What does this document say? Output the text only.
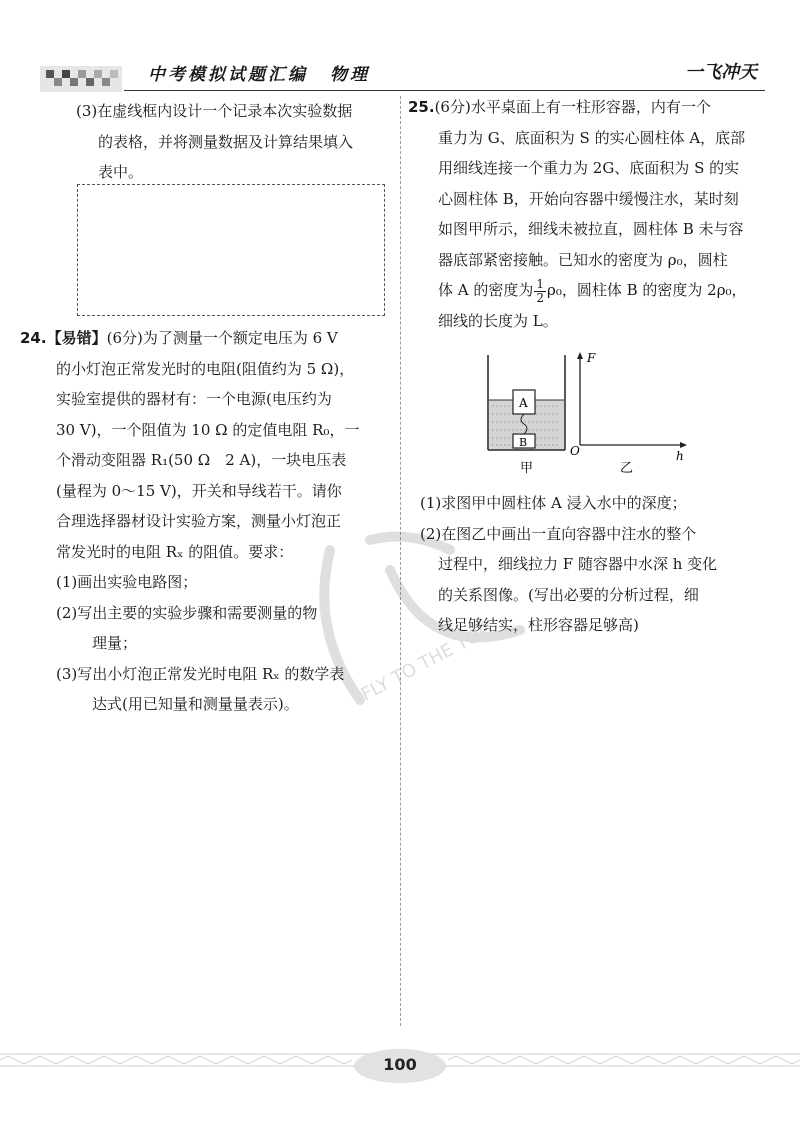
中考模拟试题汇编 物理	一飞冲天

(3)在虚线框内设计一个记录本次实验数据

的表格，并将测量数据及计算结果填入

表中。

24.【易错】(6分)为了测量一个额定电压为 6 V

的小灯泡正常发光时的电阻(阻值约为 5 Ω)，

实验室提供的器材有：一个电源(电压约为

30 V)，一个阻值为 10 Ω 的定值电阻 R₀，一

个滑动变阻器 R₁(50 Ω　2 A)，一块电压表

(量程为 0～15 V)，开关和导线若干。请你

合理选择器材设计实验方案，测量小灯泡正

常发光时的电阻 Rₓ 的阻值。要求：

(1)画出实验电路图；

(2)写出主要的实验步骤和需要测量的物

理量；

(3)写出小灯泡正常发光时电阻 Rₓ 的数学表

达式(用已知量和测量量表示)。

25.(6分)水平桌面上有一柱形容器，内有一个

重力为 G、底面积为 S 的实心圆柱体 A，底部

用细线连接一个重力为 2G、底面积为 S 的实

心圆柱体 B，开始向容器中缓慢注水，某时刻

如图甲所示，细线未被拉直，圆柱体 B 未与容

器底部紧密接触。已知水的密度为 ρ₀，圆柱

体 A 的密度为 $\frac{1}{2} \rho_0$，圆柱体 B 的密度为 2ρ₀，

细线的长度为 L。

A
B
甲
F
h
O
乙

(1)求图甲中圆柱体 A 浸入水中的深度；

(2)在图乙中画出一直向容器中注水的整个

过程中，细线拉力 F 随容器中水深 h 变化

的关系图像。(写出必要的分析过程，细

线足够结实，柱形容器足够高)

FLY TO THE TOP
100
